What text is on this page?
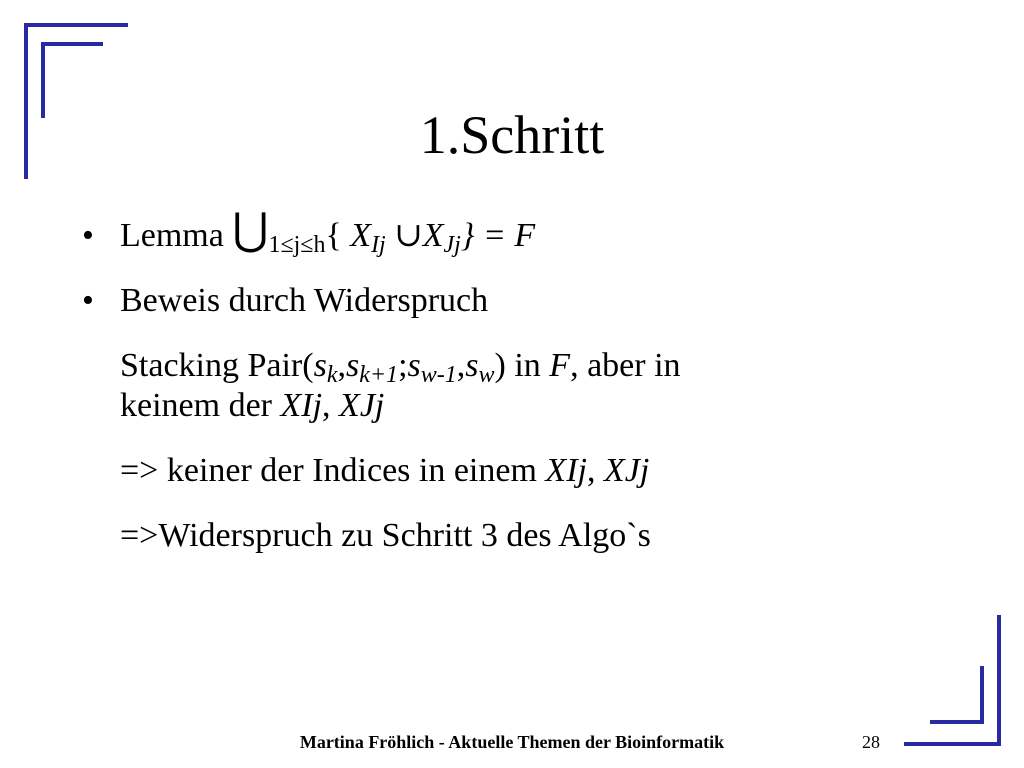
1.Schritt
• Lemma $⋃_{1\le j\le h}${ $X_{Ij}$ $\cup X_{Jj}\} = F$
• Beweis durch Widerspruch
Stacking $Pair(s_k,s_{k+1};s_{w-1},s_w)$ in F, aber in
keinem der XIj, XJj
=> keiner der Indices in einem XIj, XJj
=>Widerspruch zu Schritt 3 des Algo`s
Martina Fröhlich - Aktuelle Themen der Bioinformatik	28
